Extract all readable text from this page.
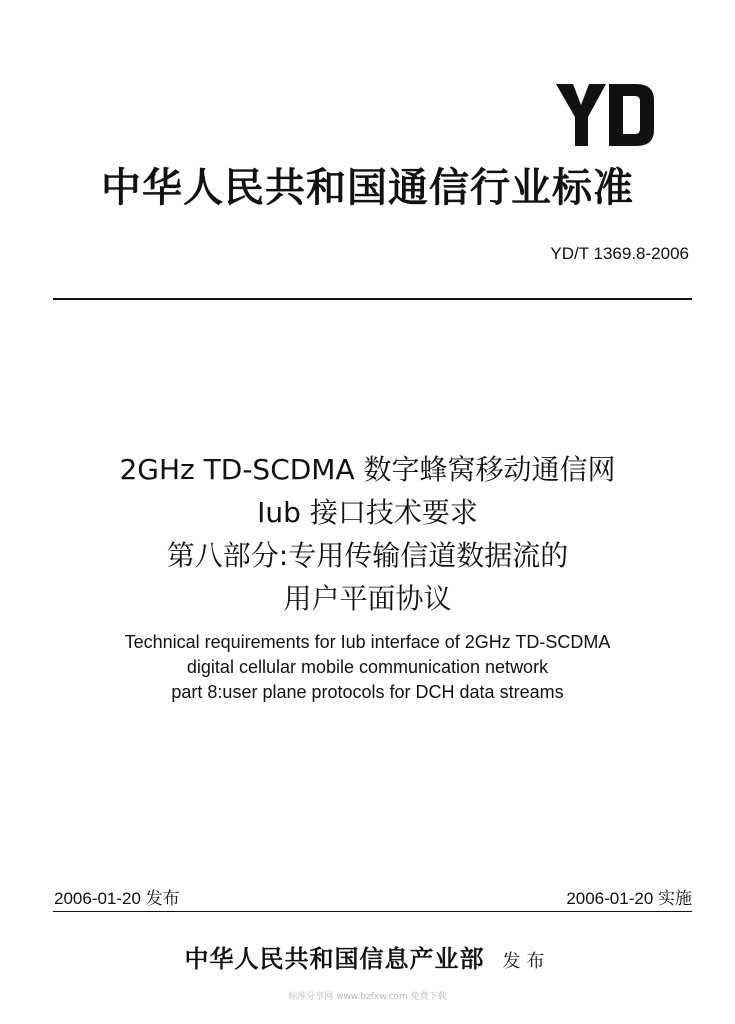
中华人民共和国通信行业标准
YD/T 1369.8-2006
2GHz TD-SCDMA 数字蜂窝移动通信网
Iub 接口技术要求
第八部分:专用传输信道数据流的
用户平面协议
Technical requirements for Iub interface of 2GHz TD-SCDMA
digital cellular mobile communication network
part 8:user plane protocols for DCH data streams
2006-01-20 发布	2006-01-20 实施
中华人民共和国信息产业部 发布
标准分享网 www.bzfxw.com 免费下载
